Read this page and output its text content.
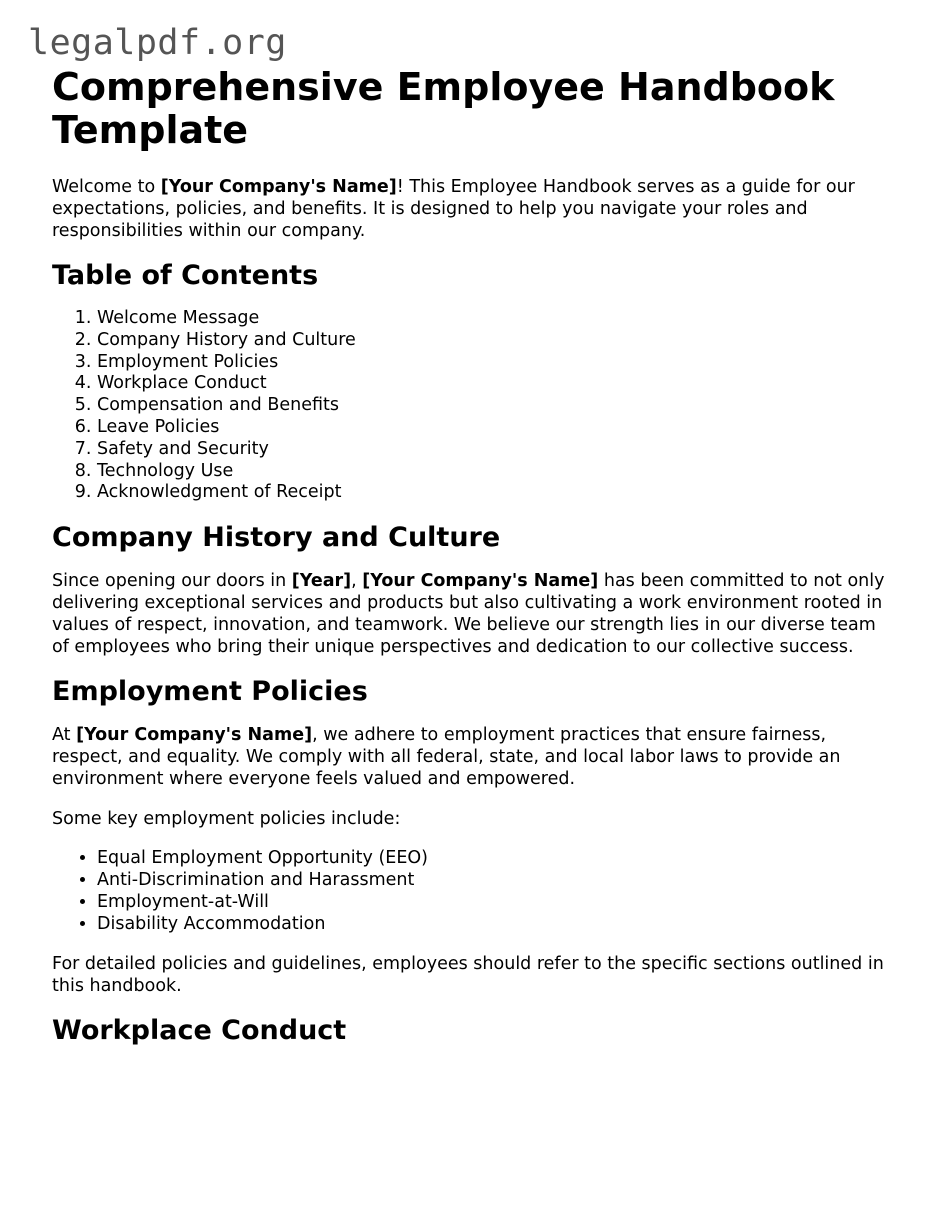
legalpdf.org
Comprehensive Employee Handbook Template

Welcome to [Your Company's Name]! This Employee Handbook serves as a guide for our expectations, policies, and benefits. It is designed to help you navigate your roles and responsibilities within our company.

Table of Contents
1. Welcome Message
2. Company History and Culture
3. Employment Policies
4. Workplace Conduct
5. Compensation and Benefits
6. Leave Policies
7. Safety and Security
8. Technology Use
9. Acknowledgment of Receipt
Company History and Culture

Since opening our doors in [Year], [Your Company's Name] has been committed to not only delivering exceptional services and products but also cultivating a work environment rooted in values of respect, innovation, and teamwork. We believe our strength lies in our diverse team of employees who bring their unique perspectives and dedication to our collective success.

Employment Policies

At [Your Company's Name], we adhere to employment practices that ensure fairness, respect, and equality. We comply with all federal, state, and local labor laws to provide an environment where everyone feels valued and empowered.

Some key employment policies include:

• Equal Employment Opportunity (EEO)
• Anti-Discrimination and Harassment
• Employment-at-Will
• Disability Accommodation

For detailed policies and guidelines, employees should refer to the specific sections outlined in this handbook.

Workplace Conduct
